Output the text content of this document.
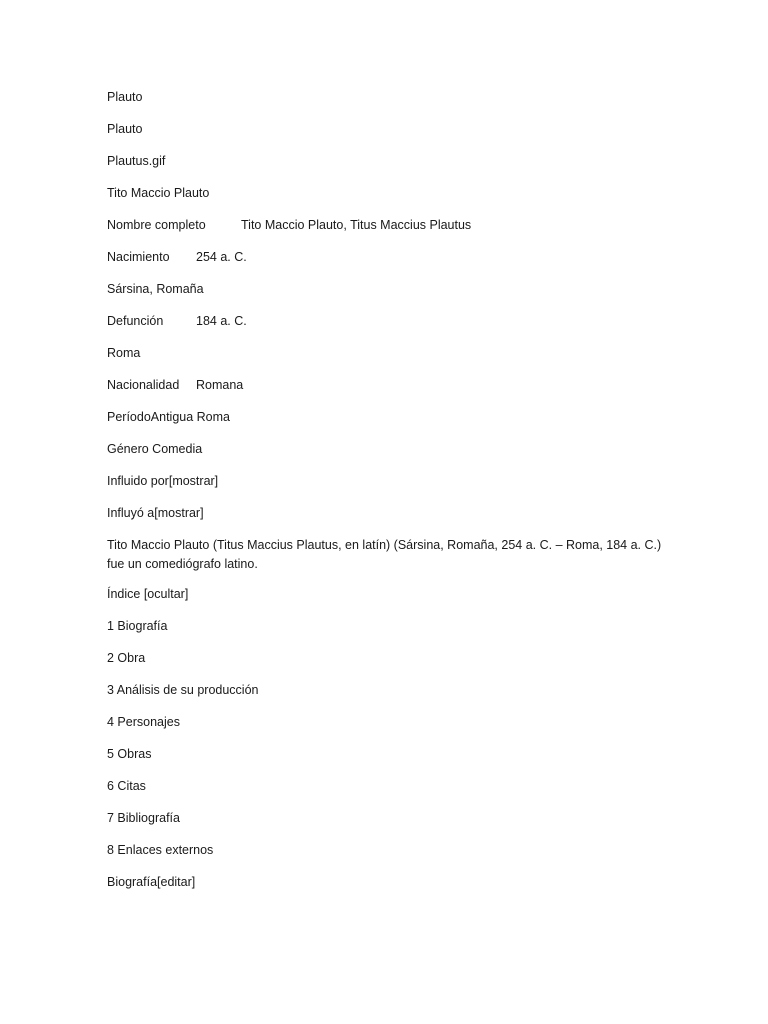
Plauto
Plauto
Plautus.gif
Tito Maccio Plauto
Nombre completo	Tito Maccio Plauto, Titus Maccius Plautus
Nacimiento 254 a. C.
Sársina, Romaña
Defunción	184 a. C.
Roma
Nacionalidad Romana
PeríodoAntigua Roma
Género Comedia
Influido por[mostrar]
Influyó a[mostrar]
Tito Maccio Plauto (Titus Maccius Plautus, en latín) (Sársina, Romaña, 254 a. C. – Roma, 184 a. C.) fue un comediógrafo latino.
Índice [ocultar]
1 Biografía
2 Obra
3 Análisis de su producción
4 Personajes
5 Obras
6 Citas
7 Bibliografía
8 Enlaces externos
Biografía[editar]
